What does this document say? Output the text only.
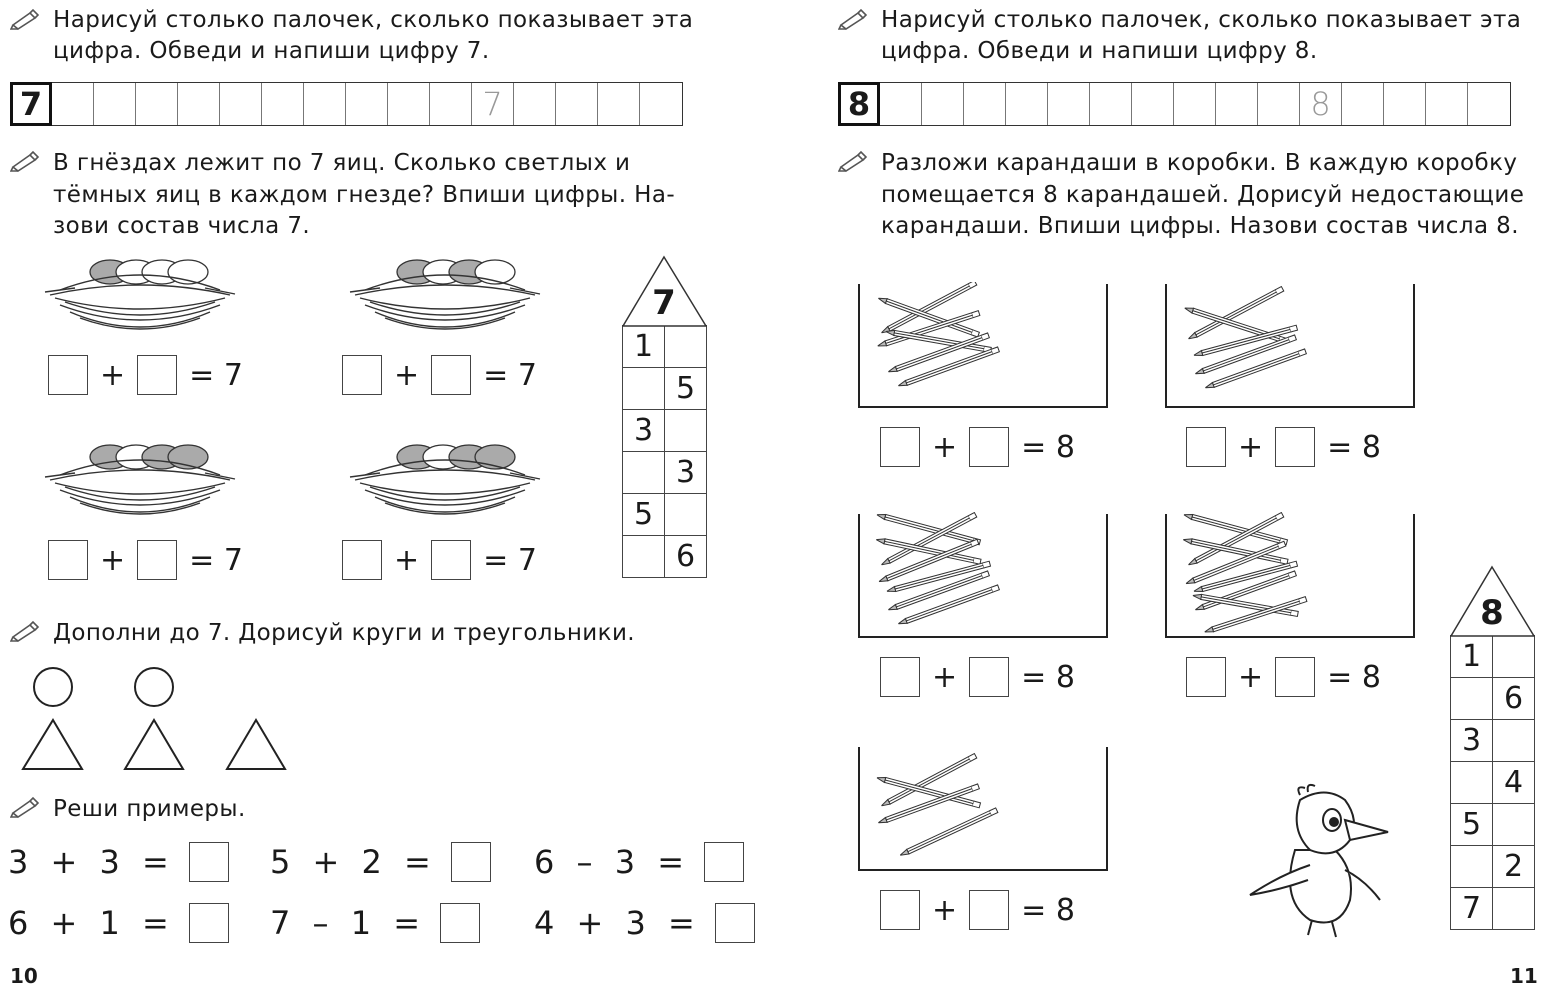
Нарисуй столько палочек, сколько показывает эта
цифра. Обведи и напиши цифру 7.
7	7
В гнёздах лежит по 7 яиц. Сколько светлых и
тёмных яиц в каждом гнезде? Впиши цифры. На-
зови состав числа 7.
+ = 7	+ = 7
+ = 7	+ = 7
7
1	
	5
3	
	3
5	
	6
Дополни до 7. Дорисуй круги и треугольники.
Реши примеры.
3 + 3 =	5 + 2 =	6 – 3 =
6 + 1 =	7 – 1 =	4 + 3 =
10
Нарисуй столько палочек, сколько показывает эта
цифра. Обведи и напиши цифру 8.
8	8
Разложи карандаши в коробки. В каждую коробку
помещается 8 карандашей. Дорисуй недостающие
карандаши. Впиши цифры. Назови состав числа 8.
+ = 8	+ = 8
+ = 8	+ = 8
+ = 8
8
1	
	6
3	
	4
5	
	2
7	
11
